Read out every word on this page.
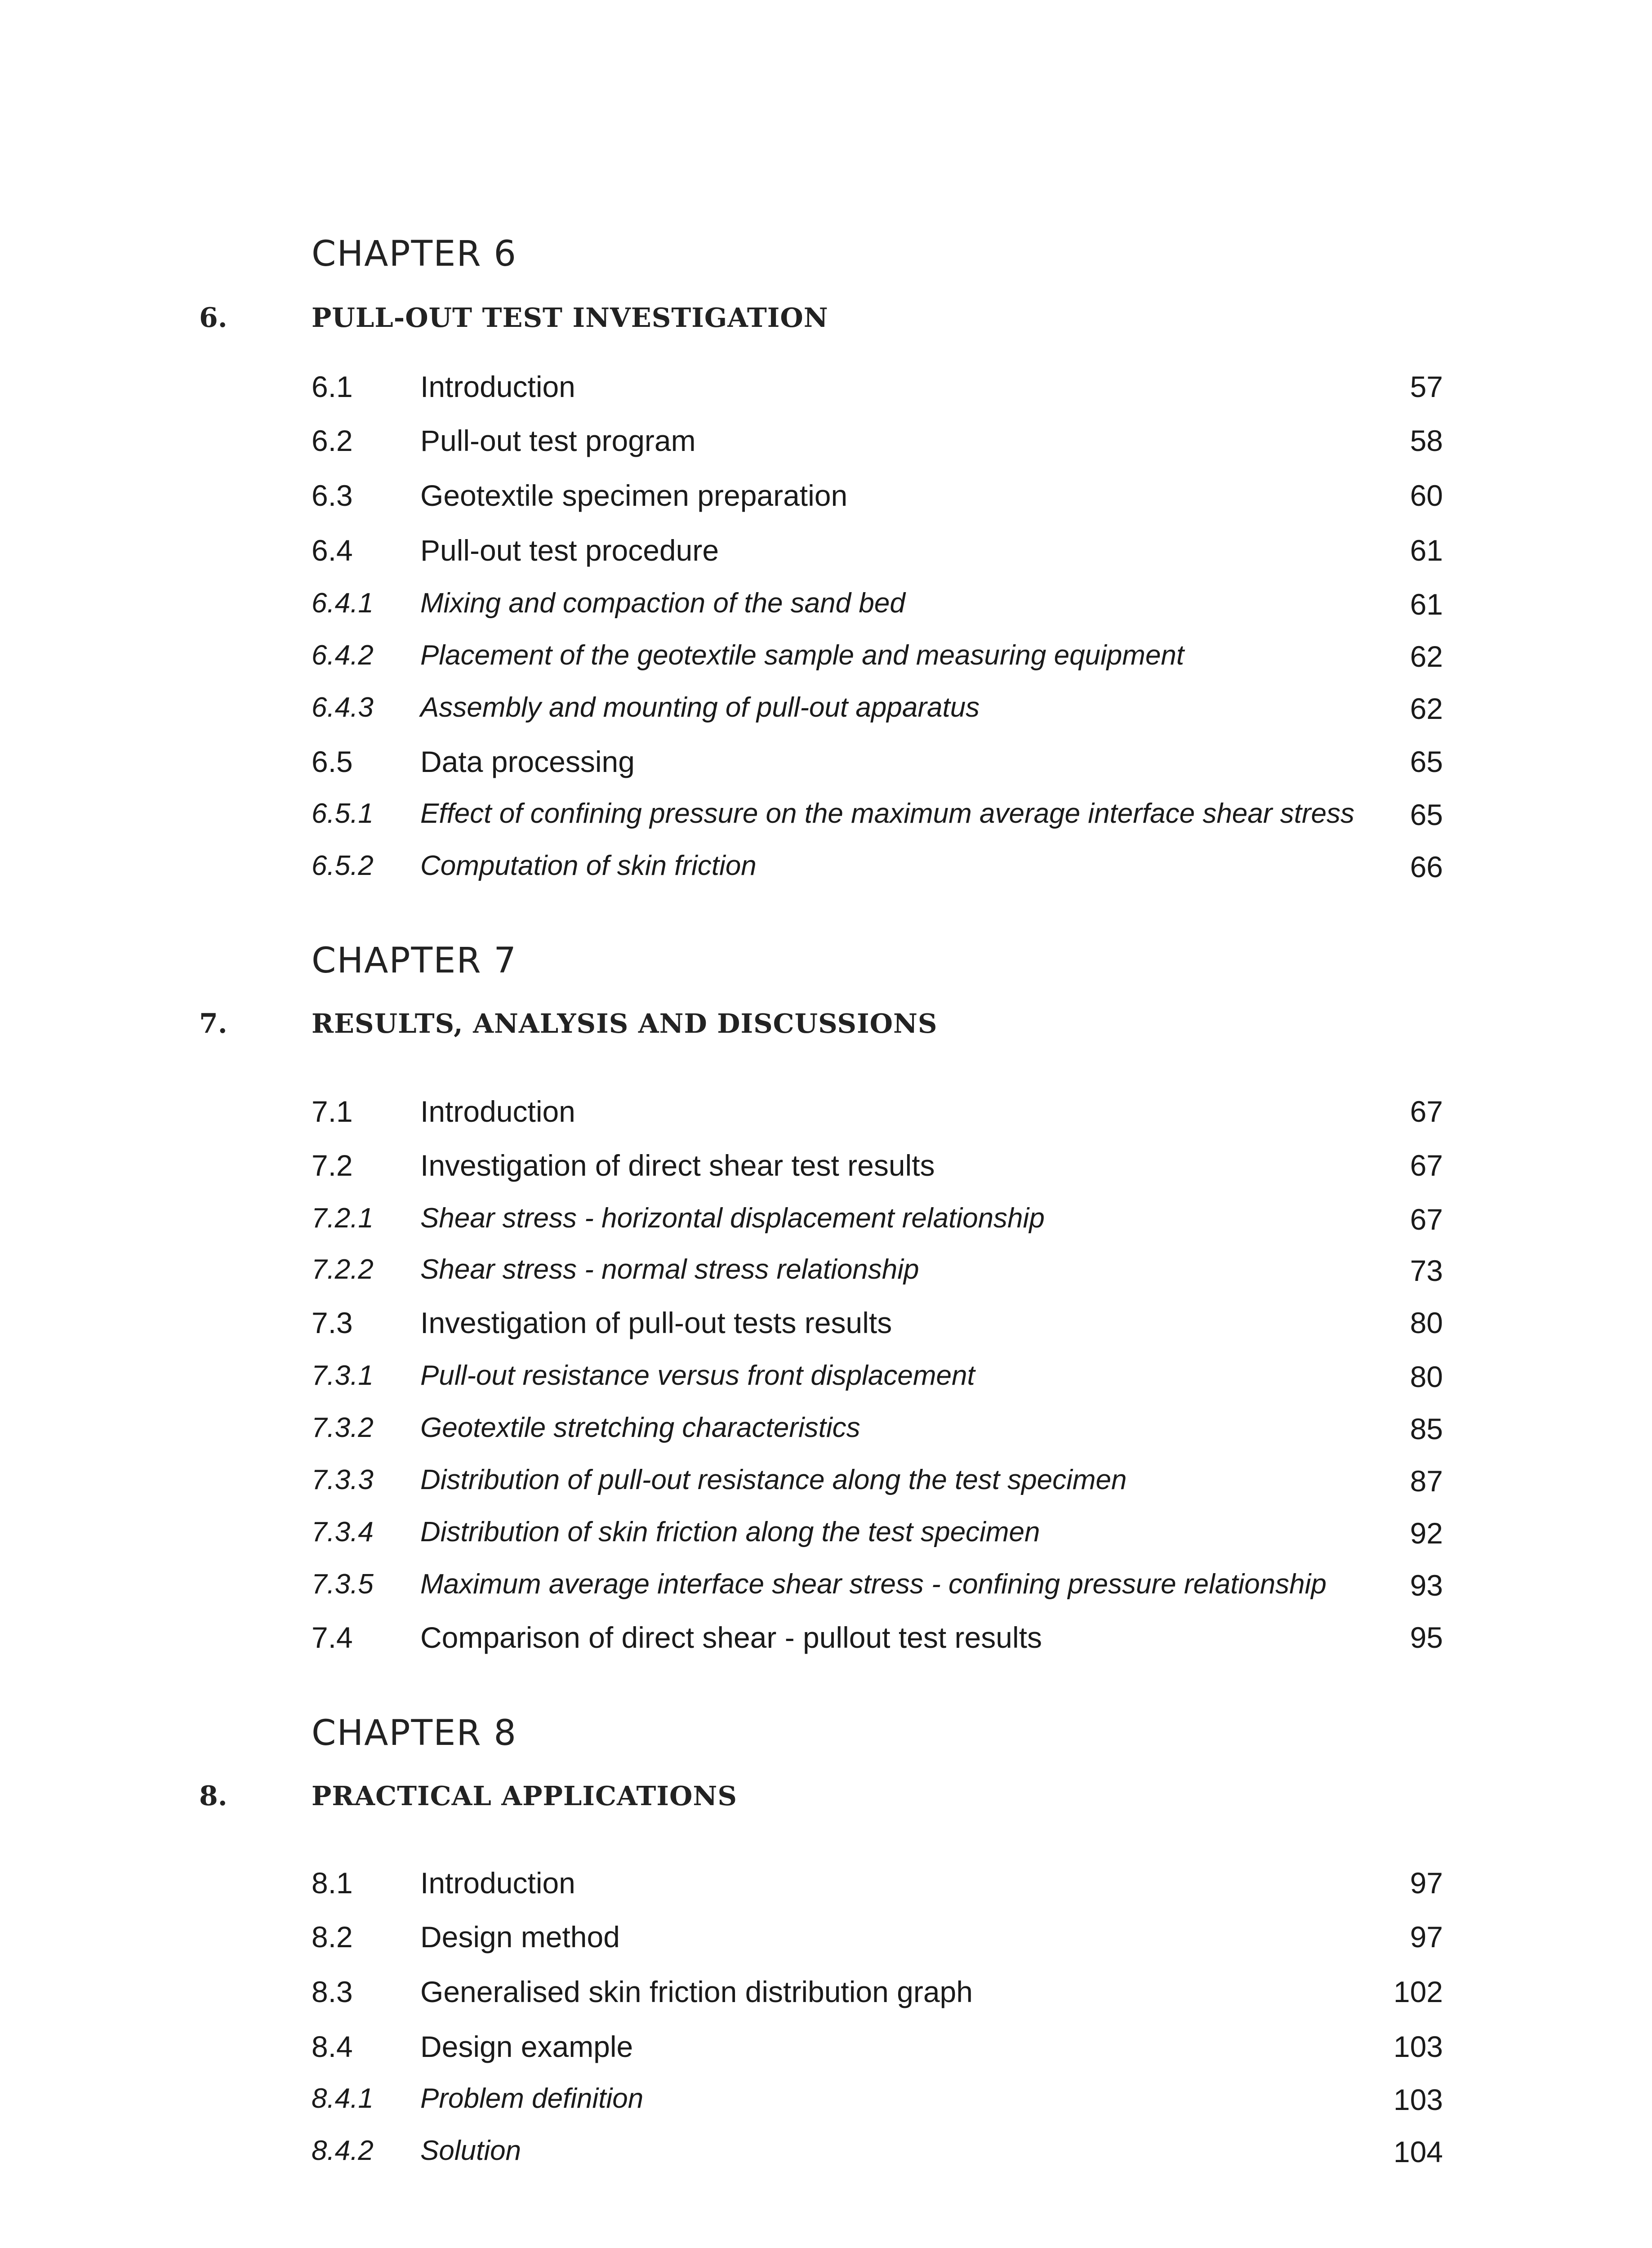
CHAPTER 6
6.	PULL-OUT TEST INVESTIGATION
6.1 Introduction	57
6.2 Pull-out test program	58
6.3 Geotextile specimen preparation	60
6.4 Pull-out test procedure	61
6.4.1 Mixing and compaction of the sand bed	61
6.4.2 Placement of the geotextile sample and measuring equipment	62
6.4.3 Assembly and mounting of pull-out apparatus	62
6.5 Data processing	65
6.5.1 Effect of confining pressure on the maximum average interface shear stress 65
6.5.2 Computation of skin friction	66
CHAPTER 7
7.	RESULTS, ANALYSIS AND DISCUSSIONS
7.1 Introduction	67
7.2 Investigation of direct shear test results	67
7.2.1 Shear stress - horizontal displacement relationship	67
7.2.2 Shear stress - normal stress relationship	73
7.3 Investigation of pull-out tests results	80
7.3.1 Pull-out resistance versus front displacement	80
7.3.2 Geotextile stretching characteristics	85
7.3.3 Distribution of pull-out resistance along the test specimen	87
7.3.4 Distribution of skin friction along the test specimen	92
7.3.5 Maximum average interface shear stress - confining pressure relationship	93
7.4 Comparison of direct shear - pullout test results	95
CHAPTER 8
8.	PRACTICAL APPLICATIONS
8.1 Introduction	97
8.2 Design method	97
8.3 Generalised skin friction distribution graph	102
8.4 Design example	103
8.4.1 Problem definition	103
8.4.2 Solution	104
